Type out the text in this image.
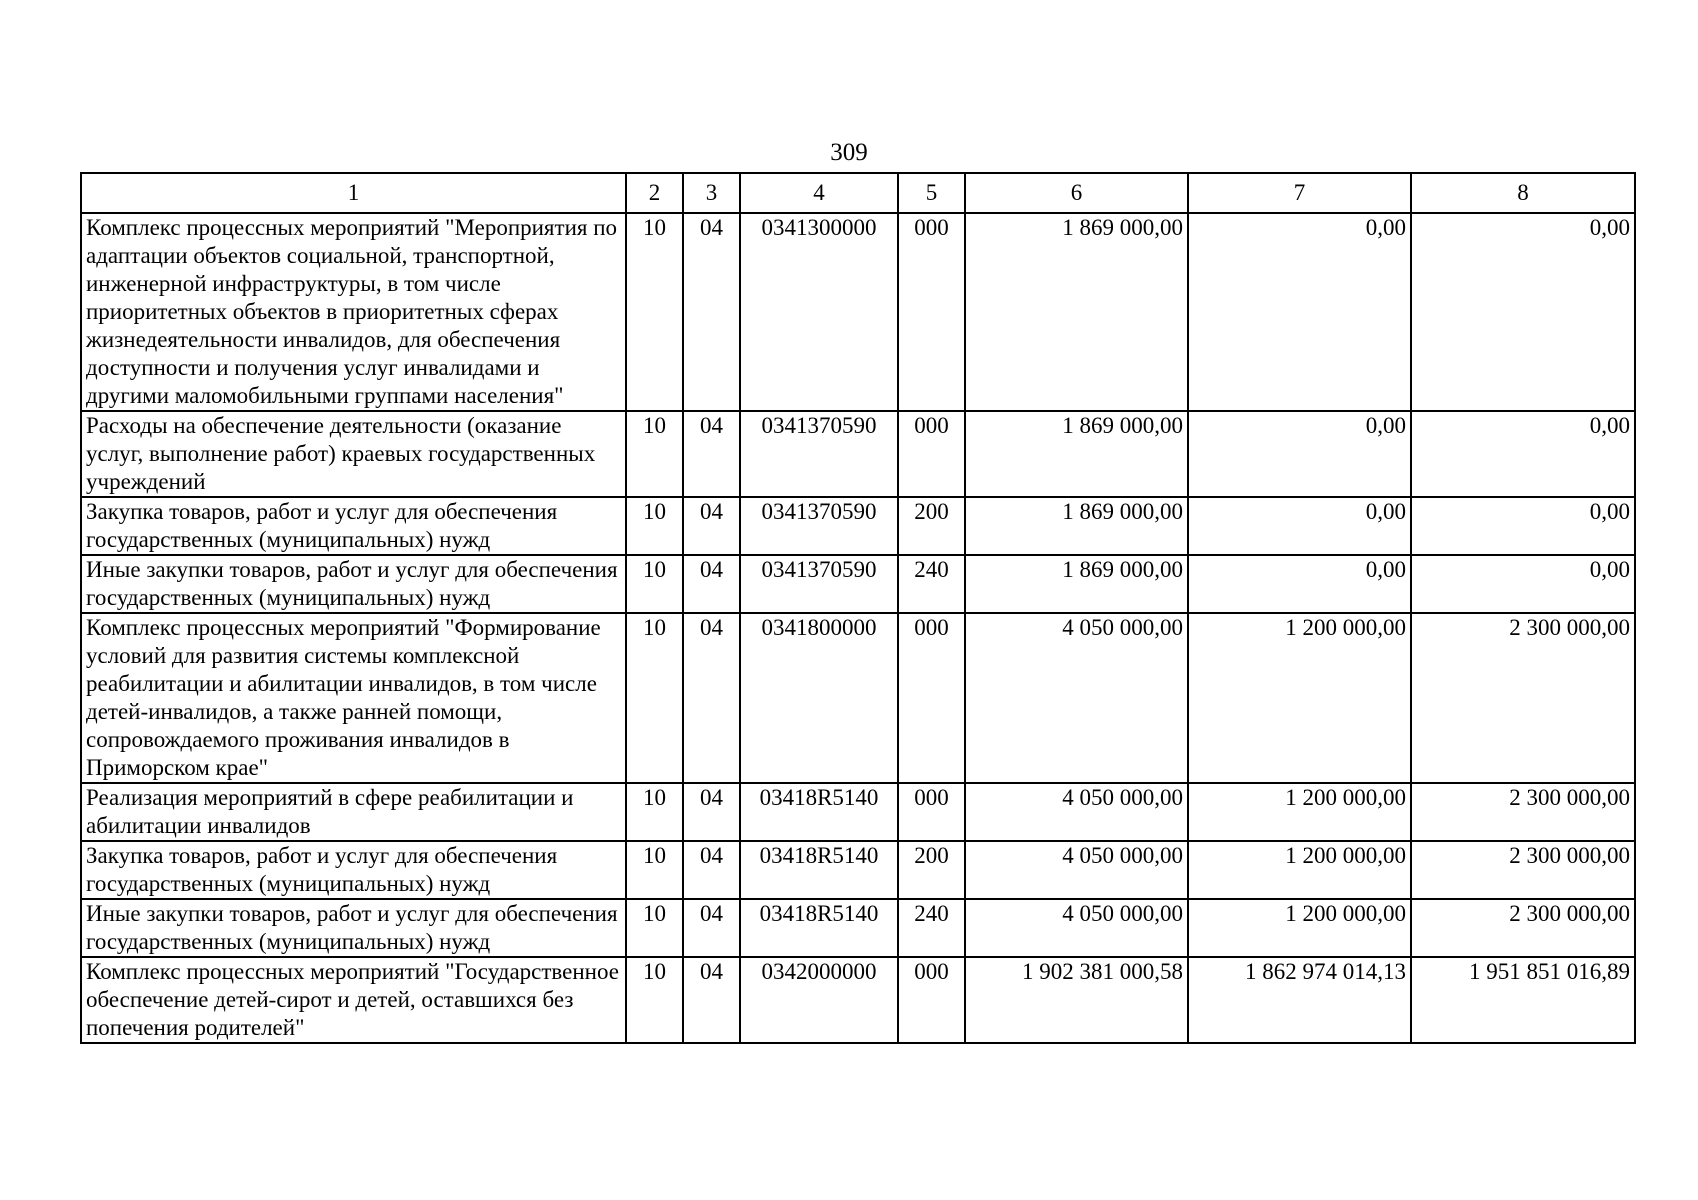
309
1	2	3	4	5	6	7	8
Комплекс процессных мероприятий "Мероприятия по адаптации объектов социальной, транспортной, инженерной инфраструктуры, в том числе приоритетных объектов в приоритетных сферах жизнедеятельности инвалидов, для обеспечения доступности и получения услуг инвалидами и другими маломобильными группами населения"	10	04	0341300000	000	1 869 000,00	0,00	0,00
Расходы на обеспечение деятельности (оказание услуг, выполнение работ) краевых государственных учреждений	10	04	0341370590	000	1 869 000,00	0,00	0,00
Закупка товаров, работ и услуг для обеспечения государственных (муниципальных) нужд	10	04	0341370590	200	1 869 000,00	0,00	0,00
Иные закупки товаров, работ и услуг для обеспечения государственных (муниципальных) нужд	10	04	0341370590	240	1 869 000,00	0,00	0,00
Комплекс процессных мероприятий "Формирование условий для развития системы комплексной реабилитации и абилитации инвалидов, в том числе детей-инвалидов, а также ранней помощи, сопровождаемого проживания инвалидов в Приморском крае"	10	04	0341800000	000	4 050 000,00	1 200 000,00	2 300 000,00
Реализация мероприятий в сфере реабилитации и абилитации инвалидов	10	04	03418R5140	000	4 050 000,00	1 200 000,00	2 300 000,00
Закупка товаров, работ и услуг для обеспечения государственных (муниципальных) нужд	10	04	03418R5140	200	4 050 000,00	1 200 000,00	2 300 000,00
Иные закупки товаров, работ и услуг для обеспечения государственных (муниципальных) нужд	10	04	03418R5140	240	4 050 000,00	1 200 000,00	2 300 000,00
Комплекс процессных мероприятий "Государственное обеспечение детей-сирот и детей, оставшихся без попечения родителей"	10	04	0342000000	000	1 902 381 000,58	1 862 974 014,13	1 951 851 016,89
